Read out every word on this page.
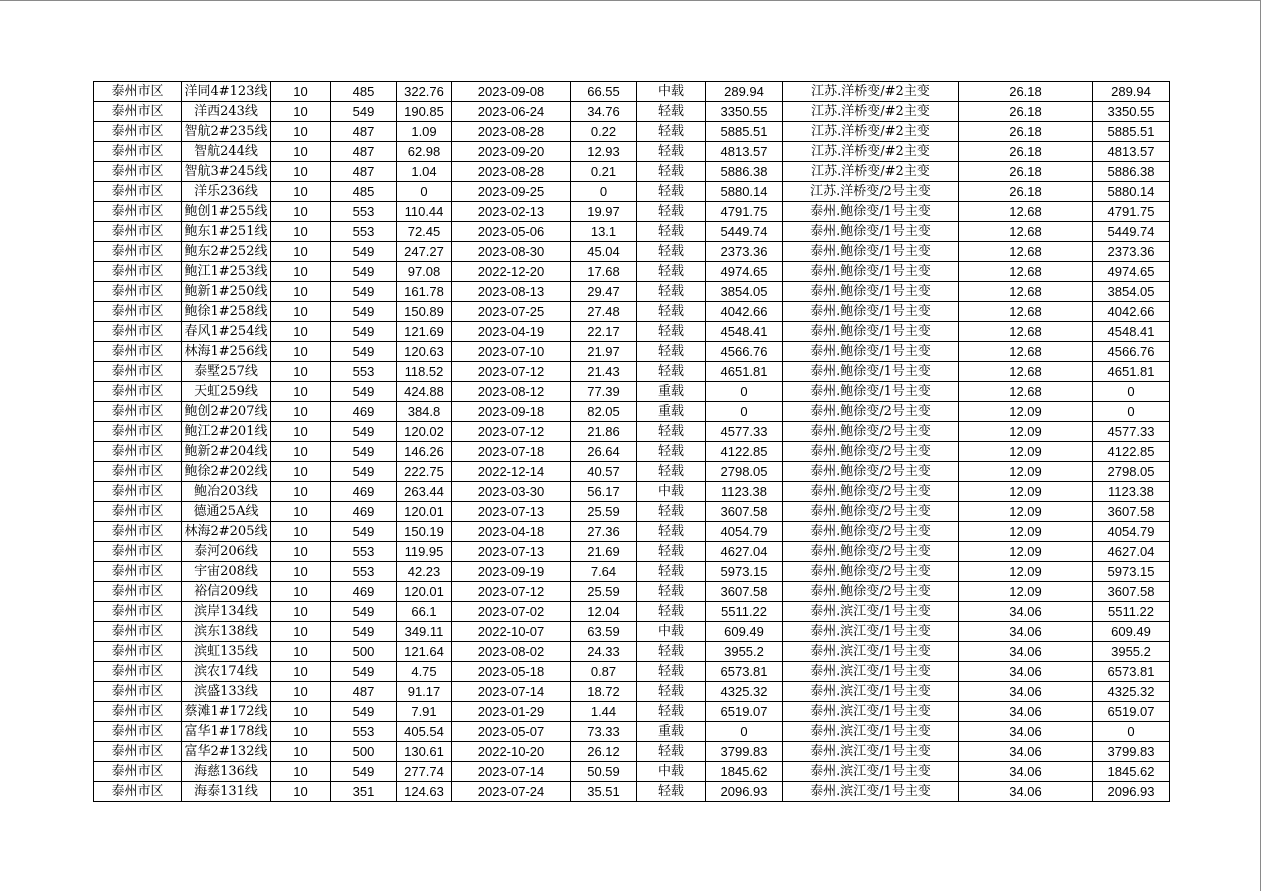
泰州市区	洋同4#123线	10	485	322.76	2023-09-08	66.55	中载	289.94	江苏.洋桥变/#2主变	26.18	289.94
泰州市区	洋西243线	10	549	190.85	2023-06-24	34.76	轻载	3350.55	江苏.洋桥变/#2主变	26.18	3350.55
泰州市区	智航2#235线	10	487	1.09	2023-08-28	0.22	轻载	5885.51	江苏.洋桥变/#2主变	26.18	5885.51
泰州市区	智航244线	10	487	62.98	2023-09-20	12.93	轻载	4813.57	江苏.洋桥变/#2主变	26.18	4813.57
泰州市区	智航3#245线	10	487	1.04	2023-08-28	0.21	轻载	5886.38	江苏.洋桥变/#2主变	26.18	5886.38
泰州市区	洋乐236线	10	485	0	2023-09-25	0	轻载	5880.14	江苏.洋桥变/2号主变	26.18	5880.14
泰州市区	鲍创1#255线	10	553	110.44	2023-02-13	19.97	轻载	4791.75	泰州.鲍徐变/1号主变	12.68	4791.75
泰州市区	鲍东1#251线	10	553	72.45	2023-05-06	13.1	轻载	5449.74	泰州.鲍徐变/1号主变	12.68	5449.74
泰州市区	鲍东2#252线	10	549	247.27	2023-08-30	45.04	轻载	2373.36	泰州.鲍徐变/1号主变	12.68	2373.36
泰州市区	鲍江1#253线	10	549	97.08	2022-12-20	17.68	轻载	4974.65	泰州.鲍徐变/1号主变	12.68	4974.65
泰州市区	鲍新1#250线	10	549	161.78	2023-08-13	29.47	轻载	3854.05	泰州.鲍徐变/1号主变	12.68	3854.05
泰州市区	鲍徐1#258线	10	549	150.89	2023-07-25	27.48	轻载	4042.66	泰州.鲍徐变/1号主变	12.68	4042.66
泰州市区	春风1#254线	10	549	121.69	2023-04-19	22.17	轻载	4548.41	泰州.鲍徐变/1号主变	12.68	4548.41
泰州市区	林海1#256线	10	549	120.63	2023-07-10	21.97	轻载	4566.76	泰州.鲍徐变/1号主变	12.68	4566.76
泰州市区	泰墅257线	10	553	118.52	2023-07-12	21.43	轻载	4651.81	泰州.鲍徐变/1号主变	12.68	4651.81
泰州市区	天虹259线	10	549	424.88	2023-08-12	77.39	重载	0	泰州.鲍徐变/1号主变	12.68	0
泰州市区	鲍创2#207线	10	469	384.8	2023-09-18	82.05	重载	0	泰州.鲍徐变/2号主变	12.09	0
泰州市区	鲍江2#201线	10	549	120.02	2023-07-12	21.86	轻载	4577.33	泰州.鲍徐变/2号主变	12.09	4577.33
泰州市区	鲍新2#204线	10	549	146.26	2023-07-18	26.64	轻载	4122.85	泰州.鲍徐变/2号主变	12.09	4122.85
泰州市区	鲍徐2#202线	10	549	222.75	2022-12-14	40.57	轻载	2798.05	泰州.鲍徐变/2号主变	12.09	2798.05
泰州市区	鲍冶203线	10	469	263.44	2023-03-30	56.17	中载	1123.38	泰州.鲍徐变/2号主变	12.09	1123.38
泰州市区	德通25A线	10	469	120.01	2023-07-13	25.59	轻载	3607.58	泰州.鲍徐变/2号主变	12.09	3607.58
泰州市区	林海2#205线	10	549	150.19	2023-04-18	27.36	轻载	4054.79	泰州.鲍徐变/2号主变	12.09	4054.79
泰州市区	泰河206线	10	553	119.95	2023-07-13	21.69	轻载	4627.04	泰州.鲍徐变/2号主变	12.09	4627.04
泰州市区	宇宙208线	10	553	42.23	2023-09-19	7.64	轻载	5973.15	泰州.鲍徐变/2号主变	12.09	5973.15
泰州市区	裕信209线	10	469	120.01	2023-07-12	25.59	轻载	3607.58	泰州.鲍徐变/2号主变	12.09	3607.58
泰州市区	滨岸134线	10	549	66.1	2023-07-02	12.04	轻载	5511.22	泰州.滨江变/1号主变	34.06	5511.22
泰州市区	滨东138线	10	549	349.11	2022-10-07	63.59	中载	609.49	泰州.滨江变/1号主变	34.06	609.49
泰州市区	滨虹135线	10	500	121.64	2023-08-02	24.33	轻载	3955.2	泰州.滨江变/1号主变	34.06	3955.2
泰州市区	滨农174线	10	549	4.75	2023-05-18	0.87	轻载	6573.81	泰州.滨江变/1号主变	34.06	6573.81
泰州市区	滨盛133线	10	487	91.17	2023-07-14	18.72	轻载	4325.32	泰州.滨江变/1号主变	34.06	4325.32
泰州市区	蔡滩1#172线	10	549	7.91	2023-01-29	1.44	轻载	6519.07	泰州.滨江变/1号主变	34.06	6519.07
泰州市区	富华1#178线	10	553	405.54	2023-05-07	73.33	重载	0	泰州.滨江变/1号主变	34.06	0
泰州市区	富华2#132线	10	500	130.61	2022-10-20	26.12	轻载	3799.83	泰州.滨江变/1号主变	34.06	3799.83
泰州市区	海慈136线	10	549	277.74	2023-07-14	50.59	中载	1845.62	泰州.滨江变/1号主变	34.06	1845.62
泰州市区	海泰131线	10	351	124.63	2023-07-24	35.51	轻载	2096.93	泰州.滨江变/1号主变	34.06	2096.93
